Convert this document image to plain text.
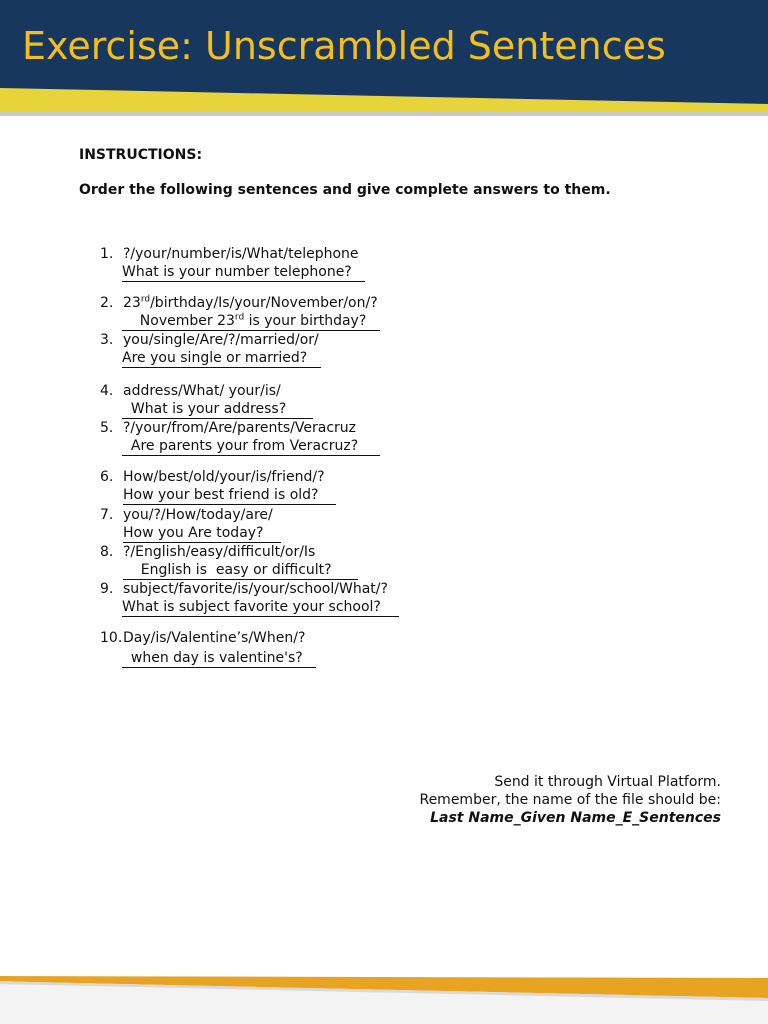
Exercise: Unscrambled Sentences
INSTRUCTIONS:
Order the following sentences and give complete answers to them.
1. ?/your/number/is/What/telephone
What is your number telephone?
2. 23rd/birthday/Is/your/November/on/?
November 23rd is your birthday?
3. you/single/Are/?/married/or/
Are you single or married?
4. address/What/ your/is/
What is your address?
5. ?/your/from/Are/parents/Veracruz
Are parents your from Veracruz?
6. How/best/old/your/is/friend/?
How your best friend is old?
7. you/?/How/today/are/
How you Are today?
8. ?/English/easy/difficult/or/Is
English is  easy or difficult?
9. subject/favorite/is/your/school/What/?
What is subject favorite your school?
10. Day/is/Valentine’s/When/?
when day is valentine's?
Send it through Virtual Platform.
Remember, the name of the file should be:
Last Name_Given Name_E_Sentences
